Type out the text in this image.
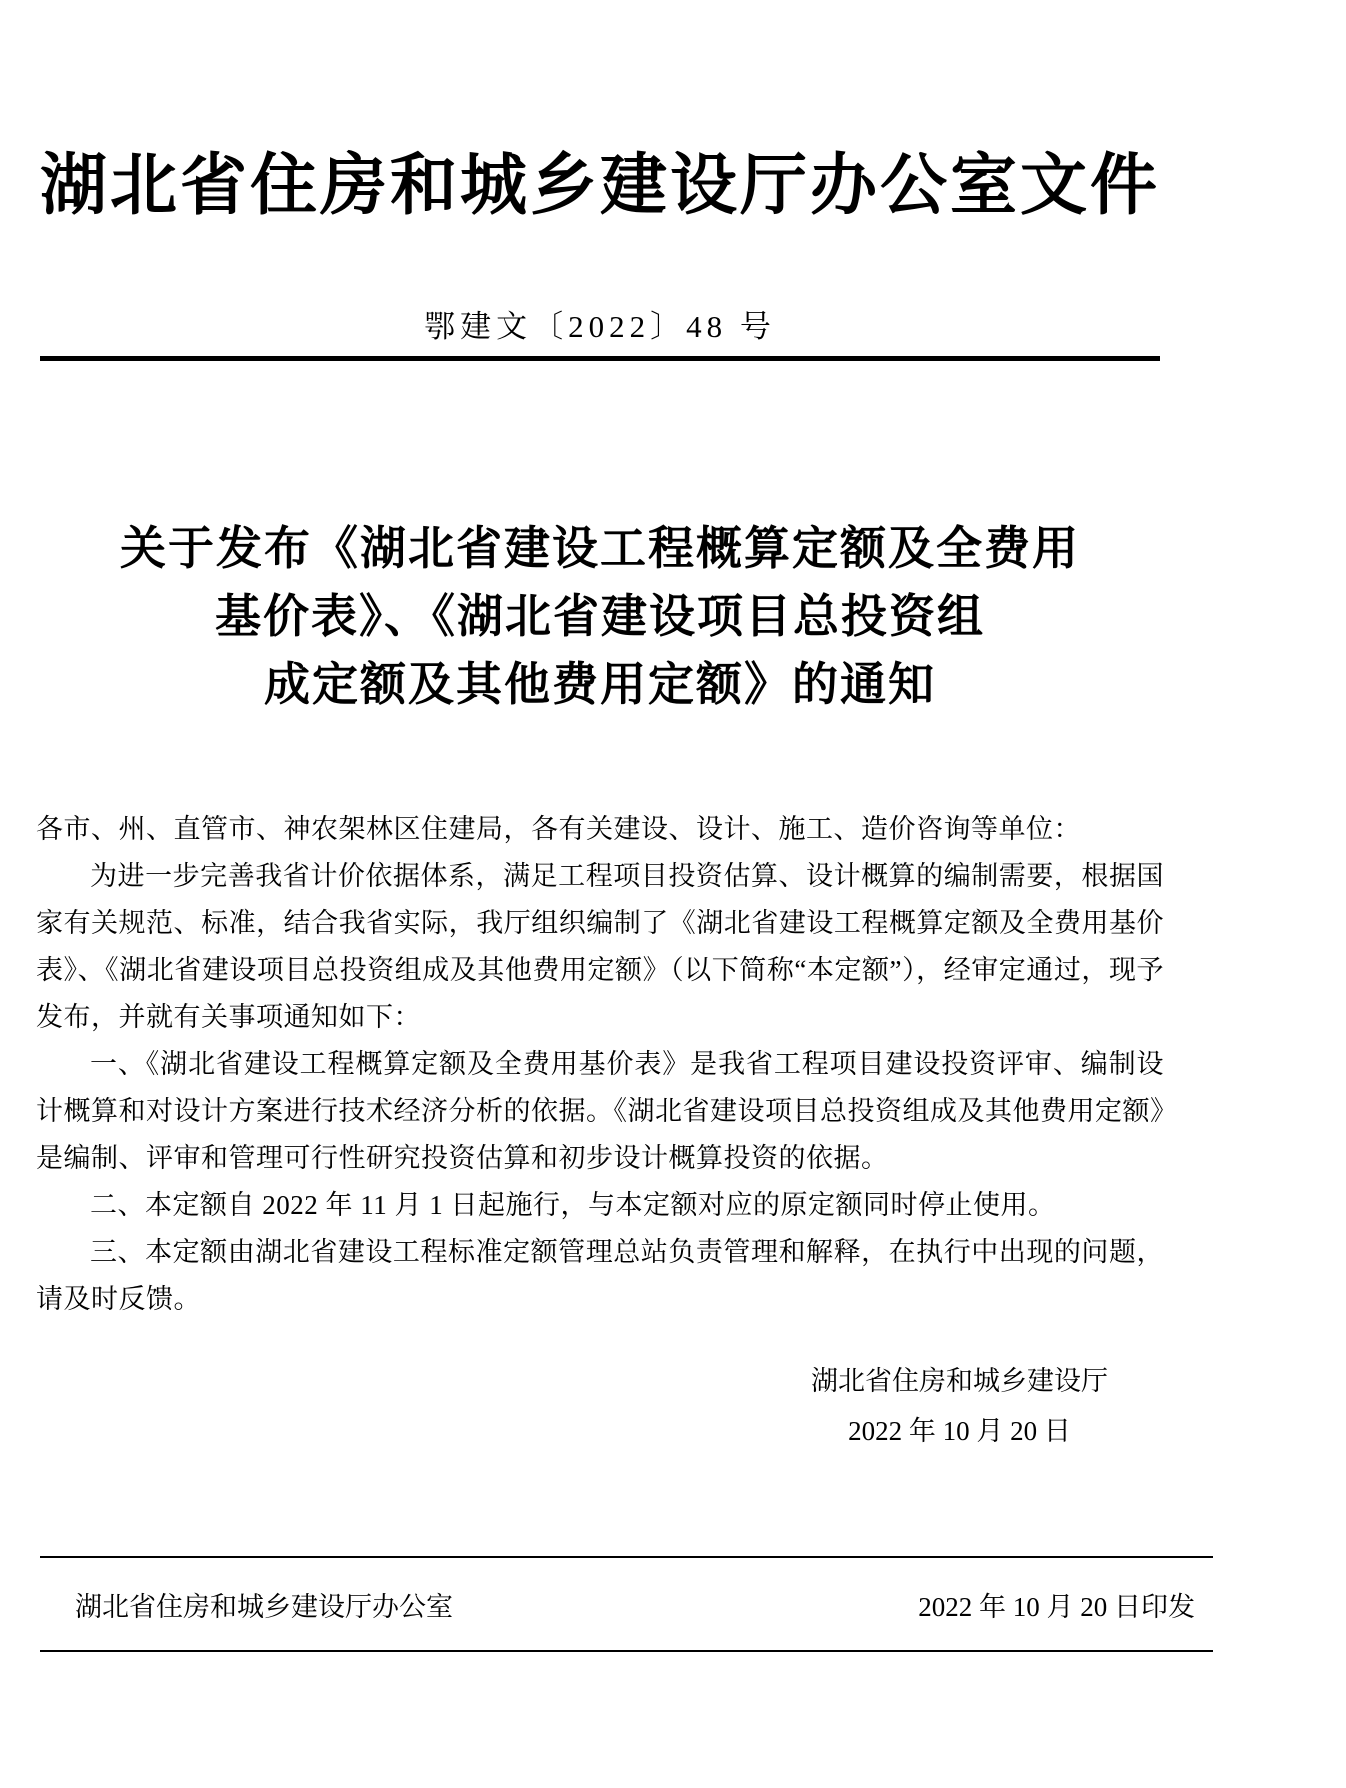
湖北省住房和城乡建设厅办公室文件
鄂建文〔2022〕48 号
关于发布《湖北省建设工程概算定额及全费用
基价表》、《湖北省建设项目总投资组
成定额及其他费用定额》的通知

各市、州、直管市、神农架林区住建局，各有关建设、设计、施工、造价咨询等单位：

为进一步完善我省计价依据体系，满足工程项目投资估算、设计概算的编制需要，根据国家有关规范、标准，结合我省实际，我厅组织编制了《湖北省建设工程概算定额及全费用基价表》、《湖北省建设项目总投资组成及其他费用定额》（以下简称“本定额”），经审定通过，现予发布，并就有关事项通知如下：

一、《湖北省建设工程概算定额及全费用基价表》是我省工程项目建设投资评审、编制设计概算和对设计方案进行技术经济分析的依据。《湖北省建设项目总投资组成及其他费用定额》是编制、评审和管理可行性研究投资估算和初步设计概算投资的依据。

二、本定额自 2022 年 11 月 1 日起施行，与本定额对应的原定额同时停止使用。

三、本定额由湖北省建设工程标准定额管理总站负责管理和解释，在执行中出现的问题，请及时反馈。

湖北省住房和城乡建设厅
2022 年 10 月 20 日
湖北省住房和城乡建设厅办公室	2022 年 10 月 20 日印发
